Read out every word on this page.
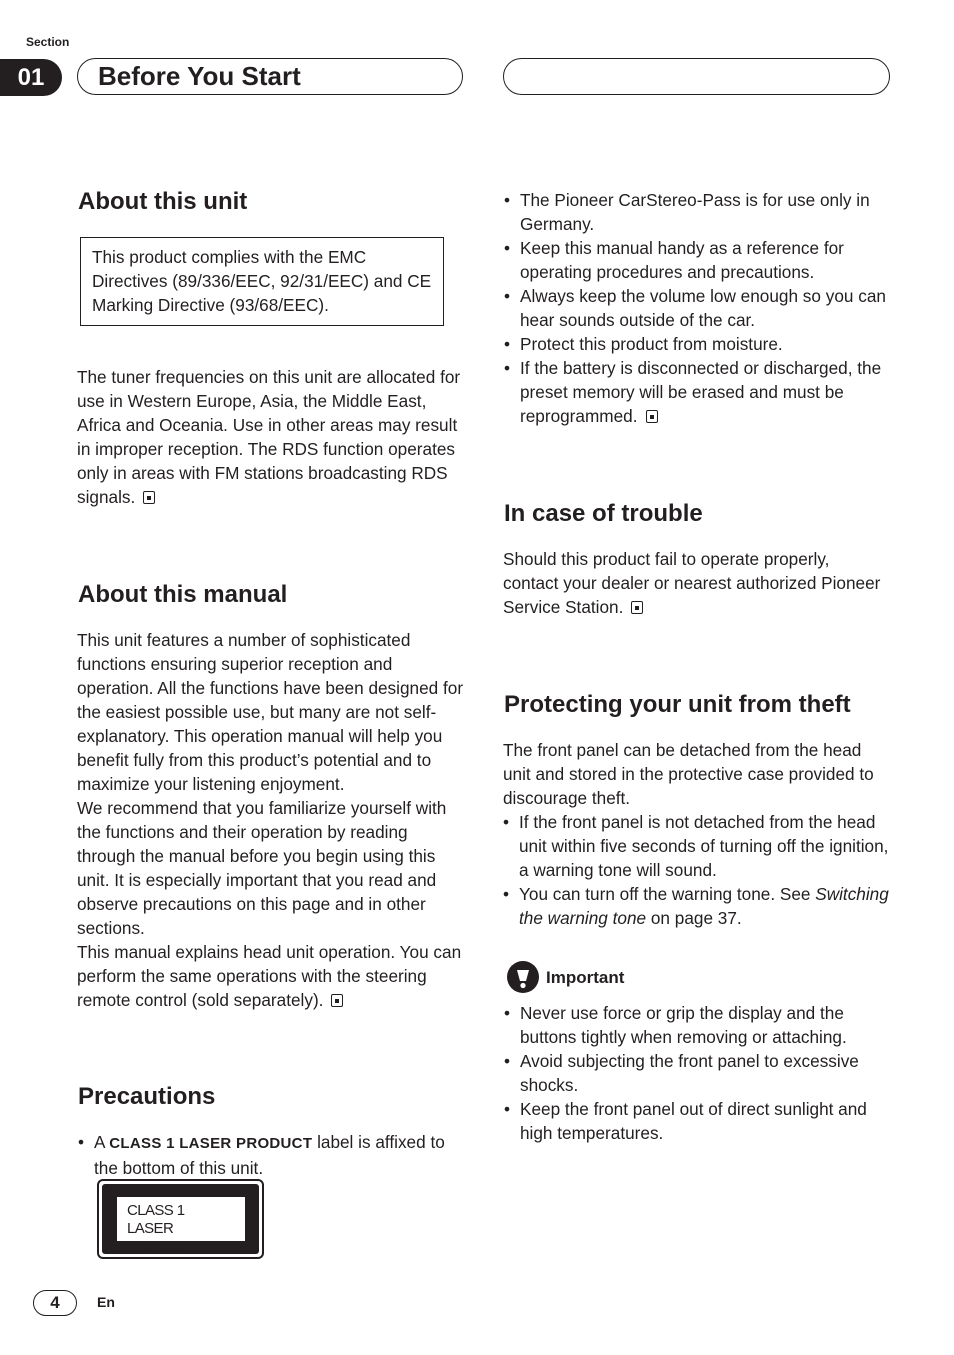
Section
01	Before You Start
About this unit
This product complies with the EMC Directives (89/336/EEC, 92/31/EEC) and CE Marking Directive (93/68/EEC).
The tuner frequencies on this unit are allocated for use in Western Europe, Asia, the Middle East, Africa and Oceania. Use in other areas may result in improper reception. The RDS function operates only in areas with FM stations broadcasting RDS signals.
About this manual

This unit features a number of sophisticated functions ensuring superior reception and operation. All the functions have been designed for the easiest possible use, but many are not self-explanatory. This operation manual will help you benefit fully from this product’s potential and to maximize your listening enjoyment.

We recommend that you familiarize yourself with the functions and their operation by reading through the manual before you begin using this unit. It is especially important that you read and observe precautions on this page and in other sections.

This manual explains head unit operation. You can perform the same operations with the steering remote control (sold separately).

Precautions
• A CLASS 1 LASER PRODUCT label is affixed to the bottom of this unit.
CLASS 1
LASER PRODUCT
• The Pioneer CarStereo-Pass is for use only in Germany.
• Keep this manual handy as a reference for operating procedures and precautions.
• Always keep the volume low enough so you can hear sounds outside of the car.
• Protect this product from moisture.
• If the battery is disconnected or discharged, the preset memory will be erased and must be reprogrammed.
In case of trouble
Should this product fail to operate properly, contact your dealer or nearest authorized Pioneer Service Station.
Protecting your unit from theft

The front panel can be detached from the head unit and stored in the protective case provided to discourage theft.

• If the front panel is not detached from the head unit within five seconds of turning off the ignition, a warning tone will sound.
• You can turn off the warning tone. See Switching the warning tone on page 37.
Important
• Never use force or grip the display and the buttons tightly when removing or attaching.
• Avoid subjecting the front panel to excessive shocks.
• Keep the front panel out of direct sunlight and high temperatures.
4	En
